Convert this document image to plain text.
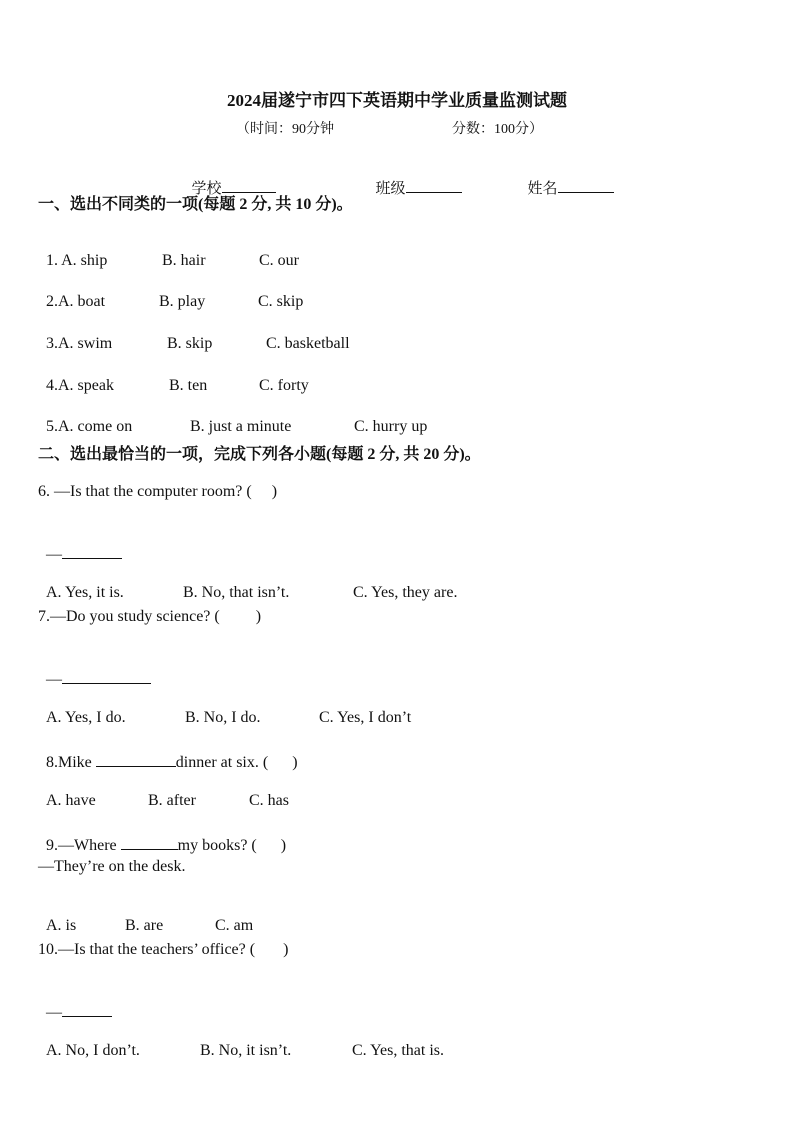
2024届遂宁市四下英语期中学业质量监测试题
（时间：90分钟	分数：100分）

学校	班级	姓名

一、选出不同类的一项(每题 2 分, 共 10 分)。

1. A. ship	B. hair	C. our

2.A. boat	B. play	C. skip

3.A. swim	B. skip	C. basketball

4.A. speak	B. ten	C. forty

5.A. come on	B. just a minute	C. hurry up

二、选出最恰当的一项，完成下列各小题(每题 2 分, 共 20 分)。
6. —Is that the computer room? (     )

—

A. Yes, it is.	B. No, that isn’t.	C. Yes, they are.

7.—Do you study science? (         )

—

A. Yes, I do.	B. No, I do.	C. Yes, I don’t

8.Mike	dinner at six. (      )

A. have	B. after	C. has

9.—Where	my books? (      )

—They’re on the desk.

A. is	B. are	C. am

10.—Is that the teachers’ office? (       )

—

A. No, I don’t.	B. No, it isn’t.	C. Yes, that is.
